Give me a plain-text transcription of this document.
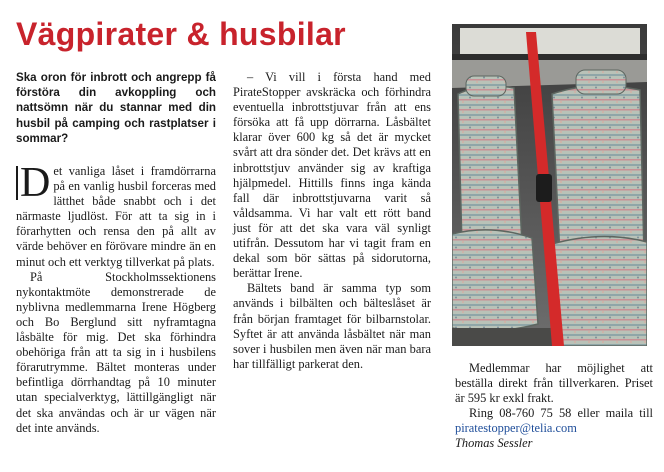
Vägpirater & husbilar

Ska oron för inbrott och angrepp få förstöra din avkoppling och nattsömn när du stannar med din husbil på camping och rastplatser i sommar?

D et vanliga låset i framdörrarna på en vanlig husbil forceras med lätthet både snabbt och i det närmaste ljudlöst. För att ta sig in i förarhytten och rensa den på allt av värde behöver en förövare mindre än en minut och ett verktyg tillverkat på plats.

På Stockholmssektionens nykontaktmöte demonstrerade de nyblivna medlemmarna Irene Högberg och Bo Berglund sitt nyframtagna låsbälte för mig. Det ska förhindra obehöriga från att ta sig in i husbilens förarutrymme. Bältet monteras under befintliga dörrhandtag på 10 minuter utan specialverktyg, lättillgängligt när det ska användas och är ur vägen när det inte används.

– Vi vill i första hand med PirateStopper avskräcka och förhindra eventuella inbrottstjuvar från att ens försöka att få upp dörrarna. Låsbältet klarar över 600 kg så det är mycket svårt att dra sönder det. Det krävs att en inbrottstjuv använder sig av kraftiga hjälpmedel. Hittills finns inga kända fall där inbrottstjuvarna varit så våldsamma. Vi har valt ett rött band just för att det ska vara väl synligt utifrån. Dessutom har vi tagit fram en dekal som bör sättas på sidorutorna, berättar Irene.

Bältets band är samma typ som används i bilbälten och bälteslåset är från början framtaget för bilbarnstolar. Syftet är att använda låsbältet när man sover i husbilen men även när man bara har tillfälligt parkerat den.	Medlemmar har möjlighet att beställa direkt från tillverkaren. Priset är 595 kr exkl frakt.

Ring 08-760 75 58 eller maila till piratestopper@telia.com

Thomas Sessler
